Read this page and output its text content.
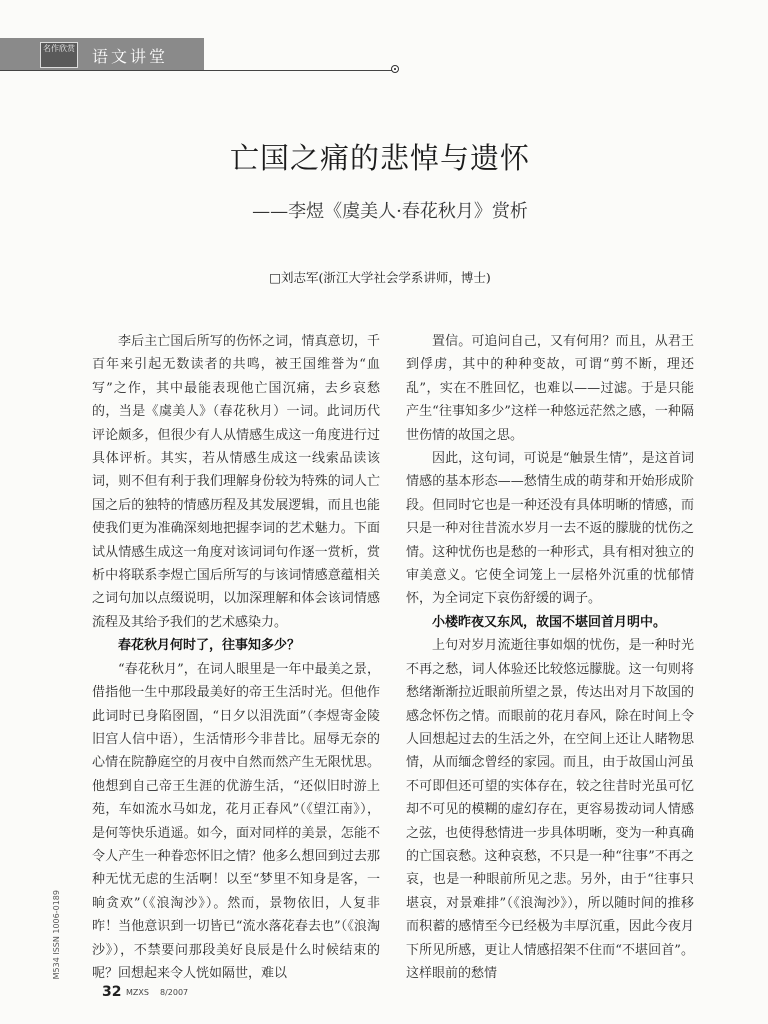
名作欣赏 语文讲堂
亡国之痛的悲悼与遗怀
——李煜《虞美人·春花秋月》赏析
□刘志军(浙江大学社会学系讲师，博士)

李后主亡国后所写的伤怀之词，情真意切，千百年来引起无数读者的共鸣，被王国维誉为“血写”之作，其中最能表现他亡国沉痛，去乡哀愁的，当是《虞美人》（春花秋月）一词。此词历代评论颇多，但很少有人从情感生成这一角度进行过具体评析。其实，若从情感生成这一线索品读该词，则不但有利于我们理解身份较为特殊的词人亡国之后的独特的情感历程及其发展逻辑，而且也能使我们更为准确深刻地把握李词的艺术魅力。下面试从情感生成这一角度对该词词句作逐一赏析，赏析中将联系李煜亡国后所写的与该词情感意蕴相关之词句加以点缀说明，以加深理解和体会该词情感流程及其给予我们的艺术感染力。

春花秋月何时了，往事知多少？

“春花秋月”，在词人眼里是一年中最美之景，借指他一生中那段最美好的帝王生活时光。但他作此词时已身陷囹圄，“日夕以泪洗面”（李煜寄金陵旧宫人信中语），生活情形今非昔比。屈辱无奈的心情在院静庭空的月夜中自然而然产生无限忧思。他想到自己帝王生涯的优游生活，“还似旧时游上苑，车如流水马如龙，花月正春风”（《望江南》），是何等快乐逍遥。如今，面对同样的美景，怎能不令人产生一种眷恋怀旧之情？他多么想回到过去那种无忧无虑的生活啊！以至“梦里不知身是客，一晌贪欢”（《浪淘沙》）。然而，景物依旧，人复非昨！当他意识到一切皆已“流水落花春去也”（《浪淘沙》），不禁要问那段美好良辰是什么时候结束的呢？回想起来令人恍如隔世，难以

置信。可追问自己，又有何用？而且，从君王到俘虏，其中的种种变故，可谓“剪不断，理还乱”，实在不胜回忆，也难以——过滤。于是只能产生“往事知多少”这样一种悠远茫然之感，一种隔世伤情的故国之思。

因此，这句词，可说是“触景生情”，是这首词情感的基本形态——愁情生成的萌芽和开始形成阶段。但同时它也是一种还没有具体明晰的情感，而只是一种对往昔流水岁月一去不返的朦胧的忧伤之情。这种忧伤也是愁的一种形式，具有相对独立的审美意义。它使全词笼上一层格外沉重的忧郁情怀，为全词定下哀伤舒缓的调子。

小楼昨夜又东风，故国不堪回首月明中。

上句对岁月流逝往事如烟的忧伤，是一种时光不再之愁，词人体验还比较悠远朦胧。这一句则将愁绪渐渐拉近眼前所望之景，传达出对月下故国的感念怀伤之情。而眼前的花月春风，除在时间上令人回想起过去的生活之外，在空间上还让人睹物思情，从而缅念曾经的家园。而且，由于故国山河虽不可即但还可望的实体存在，较之往昔时光虽可忆却不可见的模糊的虚幻存在，更容易拨动词人情感之弦，也使得愁情进一步具体明晰，变为一种真确的亡国哀愁。这种哀愁，不只是一种“往事”不再之哀，也是一种眼前所见之悲。另外，由于“往事只堪哀，对景难排”（《浪淘沙》），所以随时间的推移而积蓄的感情至今已经极为丰厚沉重，因此今夜月下所见所感，更让人情感招架不住而“不堪回首”。这样眼前的愁情

M534 ISSN 1006-0189
32 MZXS 8/2007
